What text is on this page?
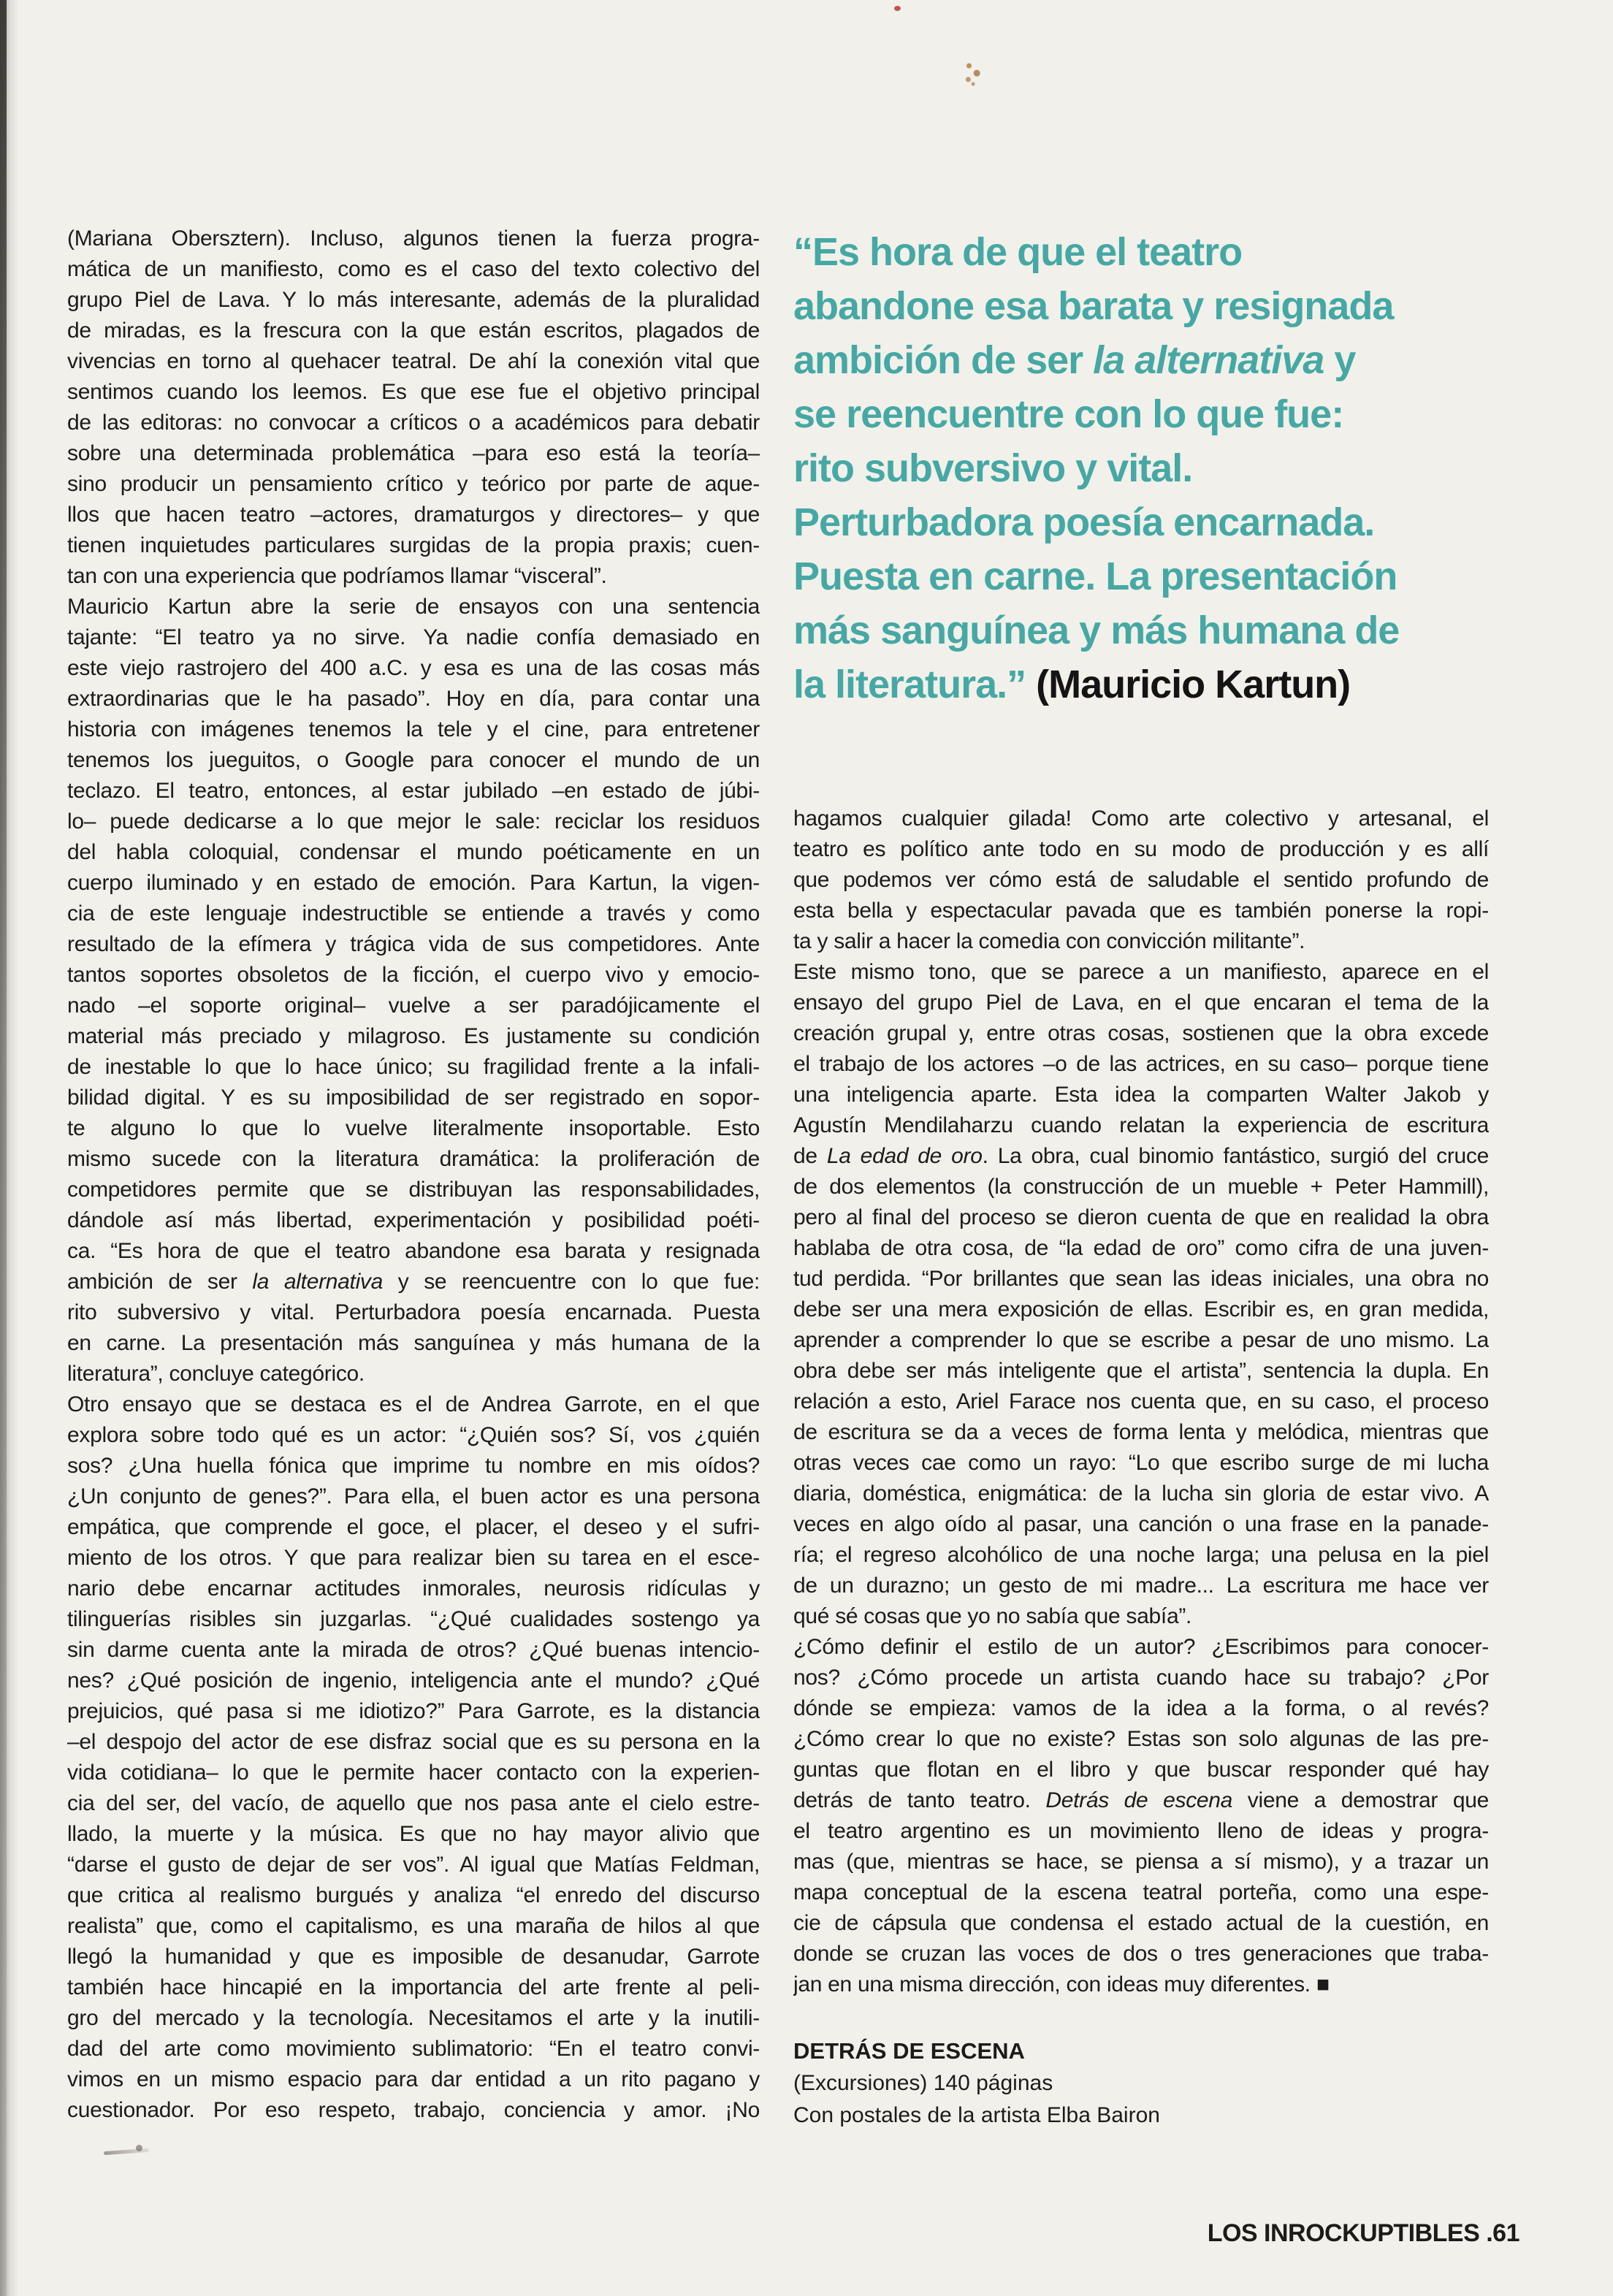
(Mariana Obersztern). Incluso, algunos tienen la fuerza progra-
mática de un manifiesto, como es el caso del texto colectivo del
grupo Piel de Lava. Y lo más interesante, además de la pluralidad
de miradas, es la frescura con la que están escritos, plagados de
vivencias en torno al quehacer teatral. De ahí la conexión vital que
sentimos cuando los leemos. Es que ese fue el objetivo principal
de las editoras: no convocar a críticos o a académicos para debatir
sobre una determinada problemática –para eso está la teoría–
sino producir un pensamiento crítico y teórico por parte de aque-
llos que hacen teatro –actores, dramaturgos y directores– y que
tienen inquietudes particulares surgidas de la propia praxis; cuen-
tan con una experiencia que podríamos llamar “visceral”.
Mauricio Kartun abre la serie de ensayos con una sentencia
tajante: “El teatro ya no sirve. Ya nadie confía demasiado en
este viejo rastrojero del 400 a.C. y esa es una de las cosas más
extraordinarias que le ha pasado”. Hoy en día, para contar una
historia con imágenes tenemos la tele y el cine, para entretener
tenemos los jueguitos, o Google para conocer el mundo de un
teclazo. El teatro, entonces, al estar jubilado –en estado de júbi-
lo– puede dedicarse a lo que mejor le sale: reciclar los residuos
del habla coloquial, condensar el mundo poéticamente en un
cuerpo iluminado y en estado de emoción. Para Kartun, la vigen-
cia de este lenguaje indestructible se entiende a través y como
resultado de la efímera y trágica vida de sus competidores. Ante
tantos soportes obsoletos de la ficción, el cuerpo vivo y emocio-
nado –el soporte original– vuelve a ser paradójicamente el
material más preciado y milagroso. Es justamente su condición
de inestable lo que lo hace único; su fragilidad frente a la infali-
bilidad digital. Y es su imposibilidad de ser registrado en sopor-
te alguno lo que lo vuelve literalmente insoportable. Esto
mismo sucede con la literatura dramática: la proliferación de
competidores permite que se distribuyan las responsabilidades,
dándole así más libertad, experimentación y posibilidad poéti-
ca. “Es hora de que el teatro abandone esa barata y resignada
ambición de ser la alternativa y se reencuentre con lo que fue:
rito subversivo y vital. Perturbadora poesía encarnada. Puesta
en carne. La presentación más sanguínea y más humana de la
literatura”, concluye categórico.
Otro ensayo que se destaca es el de Andrea Garrote, en el que
explora sobre todo qué es un actor: “¿Quién sos? Sí, vos ¿quién
sos? ¿Una huella fónica que imprime tu nombre en mis oídos?
¿Un conjunto de genes?”. Para ella, el buen actor es una persona
empática, que comprende el goce, el placer, el deseo y el sufri-
miento de los otros. Y que para realizar bien su tarea en el esce-
nario debe encarnar actitudes inmorales, neurosis ridículas y
tilinguerías risibles sin juzgarlas. “¿Qué cualidades sostengo ya
sin darme cuenta ante la mirada de otros? ¿Qué buenas intencio-
nes? ¿Qué posición de ingenio, inteligencia ante el mundo? ¿Qué
prejuicios, qué pasa si me idiotizo?” Para Garrote, es la distancia
–el despojo del actor de ese disfraz social que es su persona en la
vida cotidiana– lo que le permite hacer contacto con la experien-
cia del ser, del vacío, de aquello que nos pasa ante el cielo estre-
llado, la muerte y la música. Es que no hay mayor alivio que
“darse el gusto de dejar de ser vos”. Al igual que Matías Feldman,
que critica al realismo burgués y analiza “el enredo del discurso
realista” que, como el capitalismo, es una maraña de hilos al que
llegó la humanidad y que es imposible de desanudar, Garrote
también hace hincapié en la importancia del arte frente al peli-
gro del mercado y la tecnología. Necesitamos el arte y la inutili-
dad del arte como movimiento sublimatorio: “En el teatro convi-
vimos en un mismo espacio para dar entidad a un rito pagano y
cuestionador. Por eso respeto, trabajo, conciencia y amor. ¡No
“Es hora de que el teatro
abandone esa barata y resignada
ambición de ser la alternativa y
se reencuentre con lo que fue:
rito subversivo y vital.
Perturbadora poesía encarnada.
Puesta en carne. La presentación
más sanguínea y más humana de
la literatura.” (Mauricio Kartun)
hagamos cualquier gilada! Como arte colectivo y artesanal, el
teatro es político ante todo en su modo de producción y es allí
que podemos ver cómo está de saludable el sentido profundo de
esta bella y espectacular pavada que es también ponerse la ropi-
ta y salir a hacer la comedia con convicción militante”.
Este mismo tono, que se parece a un manifiesto, aparece en el
ensayo del grupo Piel de Lava, en el que encaran el tema de la
creación grupal y, entre otras cosas, sostienen que la obra excede
el trabajo de los actores –o de las actrices, en su caso– porque tiene
una inteligencia aparte. Esta idea la comparten Walter Jakob y
Agustín Mendilaharzu cuando relatan la experiencia de escritura
de La edad de oro. La obra, cual binomio fantástico, surgió del cruce
de dos elementos (la construcción de un mueble + Peter Hammill),
pero al final del proceso se dieron cuenta de que en realidad la obra
hablaba de otra cosa, de “la edad de oro” como cifra de una juven-
tud perdida. “Por brillantes que sean las ideas iniciales, una obra no
debe ser una mera exposición de ellas. Escribir es, en gran medida,
aprender a comprender lo que se escribe a pesar de uno mismo. La
obra debe ser más inteligente que el artista”, sentencia la dupla. En
relación a esto, Ariel Farace nos cuenta que, en su caso, el proceso
de escritura se da a veces de forma lenta y melódica, mientras que
otras veces cae como un rayo: “Lo que escribo surge de mi lucha
diaria, doméstica, enigmática: de la lucha sin gloria de estar vivo. A
veces en algo oído al pasar, una canción o una frase en la panade-
ría; el regreso alcohólico de una noche larga; una pelusa en la piel
de un durazno; un gesto de mi madre... La escritura me hace ver
qué sé cosas que yo no sabía que sabía”.
¿Cómo definir el estilo de un autor? ¿Escribimos para conocer-
nos? ¿Cómo procede un artista cuando hace su trabajo? ¿Por
dónde se empieza: vamos de la idea a la forma, o al revés?
¿Cómo crear lo que no existe? Estas son solo algunas de las pre-
guntas que flotan en el libro y que buscar responder qué hay
detrás de tanto teatro. Detrás de escena viene a demostrar que
el teatro argentino es un movimiento lleno de ideas y progra-
mas (que, mientras se hace, se piensa a sí mismo), y a trazar un
mapa conceptual de la escena teatral porteña, como una espe-
cie de cápsula que condensa el estado actual de la cuestión, en
donde se cruzan las voces de dos o tres generaciones que traba-
jan en una misma dirección, con ideas muy diferentes. ■
DETRÁS DE ESCENA
(Excursiones) 140 páginas
Con postales de la artista Elba Bairon
LOS INROCKUPTIBLES .61
